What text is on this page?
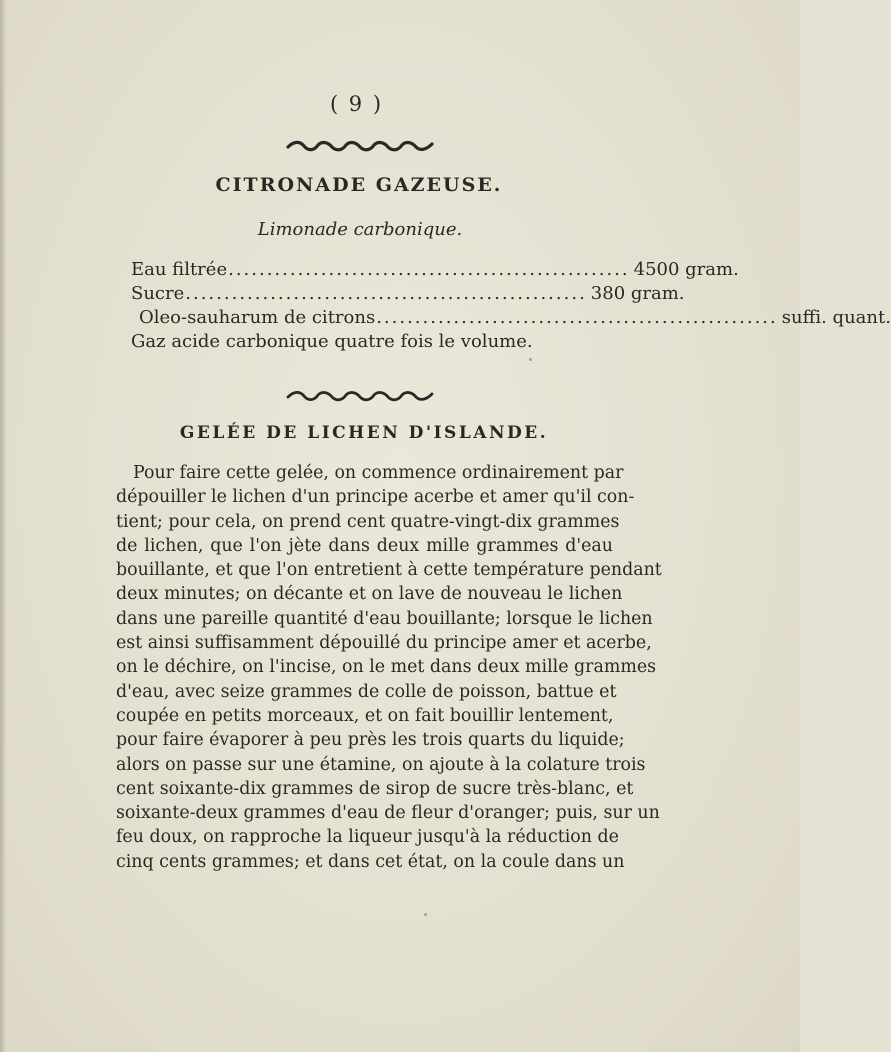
( 9 )
CITRONADE GAZEUSE.
Limonade carbonique.
Eau filtrée .................................................... 4500 gram.
Sucre .................................................... 380 gram.
Oleo-sauharum de citrons .................................................... suffi. quant.
Gaz acide carbonique quatre fois le volume.
GELÉE DE LICHEN D'ISLANDE.
Pour faire cette gelée, on commence ordinairement par
dépouiller le lichen d'un principe acerbe et amer qu'il con-
tient; pour cela, on prend cent quatre-vingt-dix grammes
de lichen, que l'on jète dans deux mille grammes d'eau
bouillante, et que l'on entretient à cette température pendant
deux minutes; on décante et on lave de nouveau le lichen
dans une pareille quantité d'eau bouillante; lorsque le lichen
est ainsi suffisamment dépouillé du principe amer et acerbe,
on le déchire, on l'incise, on le met dans deux mille grammes
d'eau, avec seize grammes de colle de poisson, battue et
coupée en petits morceaux, et on fait bouillir lentement,
pour faire évaporer à peu près les trois quarts du liquide;
alors on passe sur une étamine, on ajoute à la colature trois
cent soixante-dix grammes de sirop de sucre très-blanc, et
soixante-deux grammes d'eau de fleur d'oranger; puis, sur un
feu doux, on rapproche la liqueur jusqu'à la réduction de
cinq cents grammes; et dans cet état, on la coule dans un
